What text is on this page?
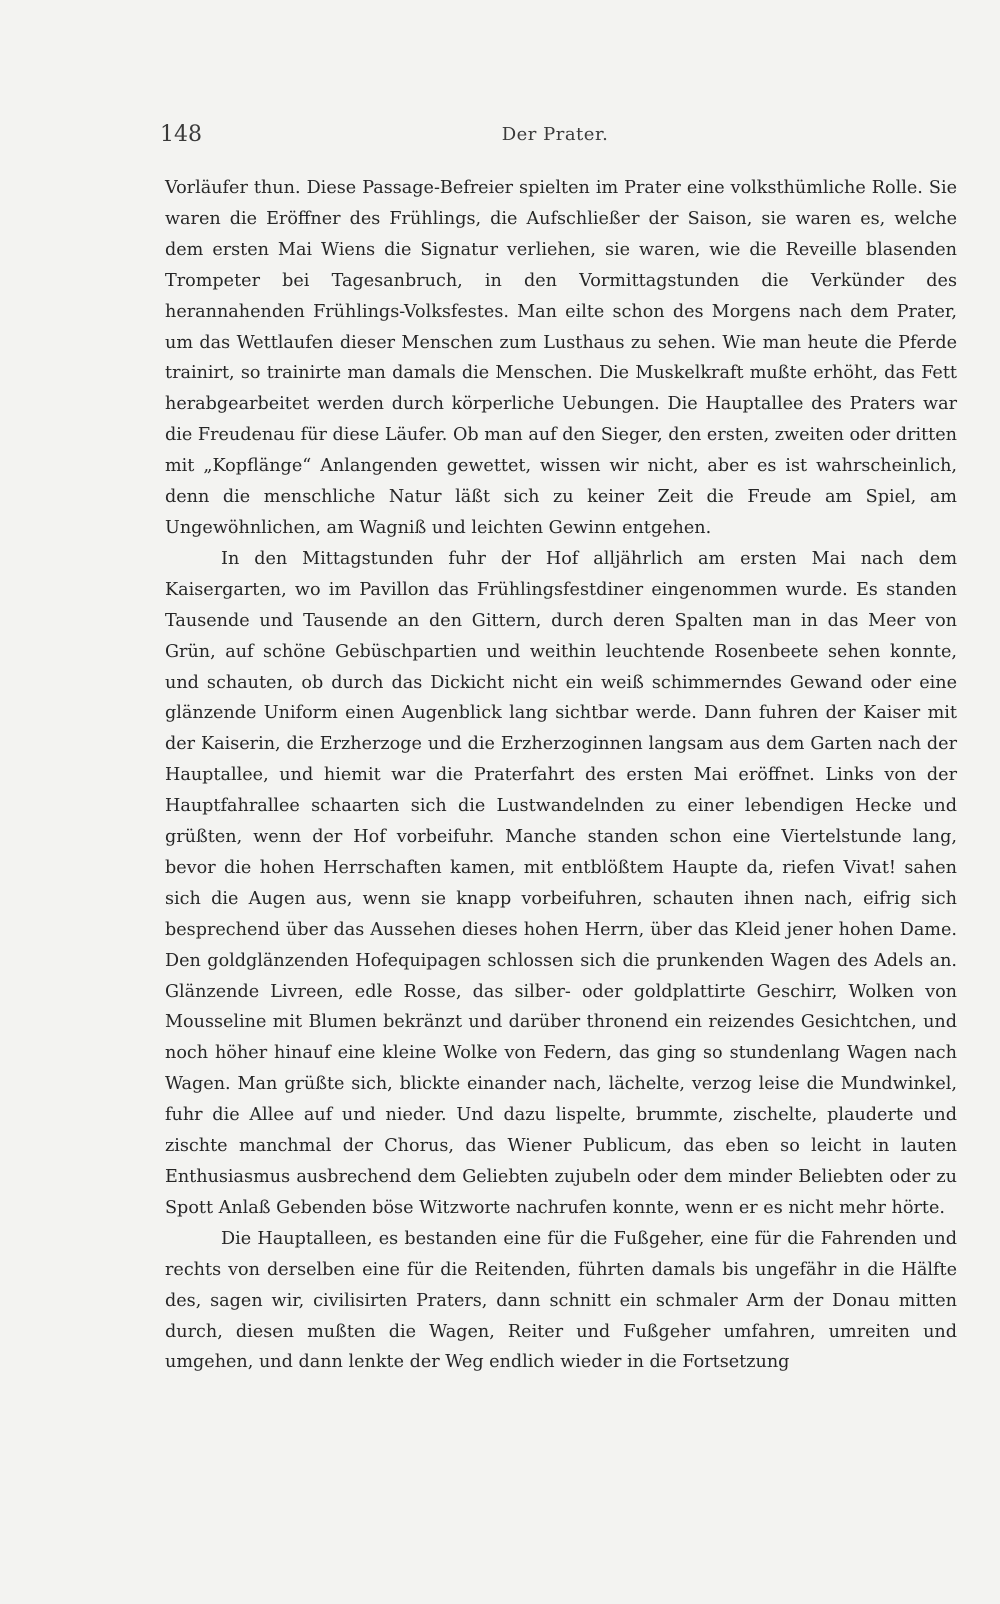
148	Der Prater.

Vorläufer thun. Diese Passage-Befreier spielten im Prater eine volksthümliche Rolle. Sie waren die Eröffner des Frühlings, die Aufschließer der Saison, sie waren es, welche dem ersten Mai Wiens die Signatur verliehen, sie waren, wie die Reveille blasenden Trompeter bei Tagesanbruch, in den Vormittagstunden die Verkünder des herannahenden Frühlings-Volksfestes. Man eilte schon des Morgens nach dem Prater, um das Wettlaufen dieser Menschen zum Lusthaus zu sehen. Wie man heute die Pferde trainirt, so trainirte man damals die Menschen. Die Muskelkraft mußte erhöht, das Fett herabgearbeitet werden durch körperliche Uebungen. Die Hauptallee des Praters war die Freudenau für diese Läufer. Ob man auf den Sieger, den ersten, zweiten oder dritten mit „Kopflänge“ Anlangenden gewettet, wissen wir nicht, aber es ist wahrscheinlich, denn die menschliche Natur läßt sich zu keiner Zeit die Freude am Spiel, am Ungewöhnlichen, am Wagniß und leichten Gewinn entgehen.

In den Mittagstunden fuhr der Hof alljährlich am ersten Mai nach dem Kaisergarten, wo im Pavillon das Frühlingsfestdiner eingenommen wurde. Es standen Tausende und Tausende an den Gittern, durch deren Spalten man in das Meer von Grün, auf schöne Gebüschpartien und weithin leuchtende Rosenbeete sehen konnte, und schauten, ob durch das Dickicht nicht ein weiß schimmerndes Gewand oder eine glänzende Uniform einen Augenblick lang sichtbar werde. Dann fuhren der Kaiser mit der Kaiserin, die Erzherzoge und die Erzherzoginnen langsam aus dem Garten nach der Hauptallee, und hiemit war die Praterfahrt des ersten Mai eröffnet. Links von der Hauptfahrallee schaarten sich die Lustwandelnden zu einer lebendigen Hecke und grüßten, wenn der Hof vorbeifuhr. Manche standen schon eine Viertelstunde lang, bevor die hohen Herrschaften kamen, mit entblößtem Haupte da, riefen Vivat! sahen sich die Augen aus, wenn sie knapp vorbeifuhren, schauten ihnen nach, eifrig sich besprechend über das Aussehen dieses hohen Herrn, über das Kleid jener hohen Dame. Den goldglänzenden Hofequipagen schlossen sich die prunkenden Wagen des Adels an. Glänzende Livreen, edle Rosse, das silber- oder goldplattirte Geschirr, Wolken von Mousseline mit Blumen bekränzt und darüber thronend ein reizendes Gesichtchen, und noch höher hinauf eine kleine Wolke von Federn, das ging so stundenlang Wagen nach Wagen. Man grüßte sich, blickte einander nach, lächelte, verzog leise die Mundwinkel, fuhr die Allee auf und nieder. Und dazu lispelte, brummte, zischelte, plauderte und zischte manchmal der Chorus, das Wiener Publicum, das eben so leicht in lauten Enthusiasmus ausbrechend dem Geliebten zujubeln oder dem minder Beliebten oder zu Spott Anlaß Gebenden böse Witzworte nachrufen konnte, wenn er es nicht mehr hörte.

Die Hauptalleen, es bestanden eine für die Fußgeher, eine für die Fahrenden und rechts von derselben eine für die Reitenden, führten damals bis ungefähr in die Hälfte des, sagen wir, civilisirten Praters, dann schnitt ein schmaler Arm der Donau mitten durch, diesen mußten die Wagen, Reiter und Fußgeher umfahren, umreiten und umgehen, und dann lenkte der Weg endlich wieder in die Fortsetzung
